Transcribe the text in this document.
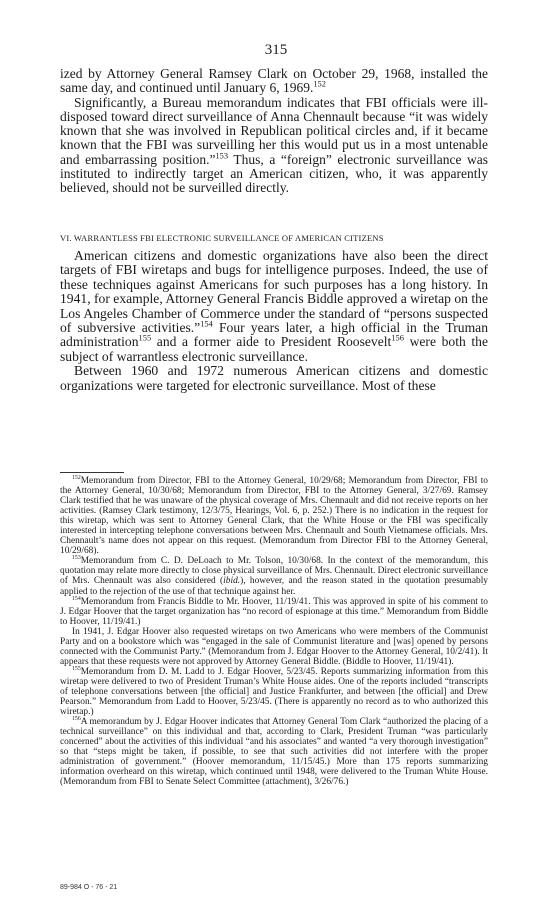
315

ized by Attorney General Ramsey Clark on October 29, 1968, installed the same day, and continued until January 6, 1969.$^{152}$

Significantly, a Bureau memorandum indicates that FBI officials were ill-disposed toward direct surveillance of Anna Chennault because “it was widely known that she was involved in Republican political circles and, if it became known that the FBI was surveilling her this would put us in a most untenable and embarrassing position.”$^{153}$ Thus, a “foreign” electronic surveillance was instituted to indirectly target an American citizen, who, it was apparently believed, should not be surveilled directly.

VI. WARRANTLESS FBI ELECTRONIC SURVEILLANCE OF AMERICAN CITIZENS

American citizens and domestic organizations have also been the direct targets of FBI wiretaps and bugs for intelligence purposes. Indeed, the use of these techniques against Americans for such purposes has a long history. In 1941, for example, Attorney General Francis Biddle approved a wiretap on the Los Angeles Chamber of Commerce under the standard of “persons suspected of subversive activities.”$^{154}$ Four years later, a high official in the Truman administration$^{155}$ and a former aide to President Roosevelt$^{156}$ were both the subject of warrantless electronic surveillance.

Between 1960 and 1972 numerous American citizens and domestic organizations were targeted for electronic surveillance. Most of these

$^{152}$Memorandum from Director, FBI to the Attorney General, 10/29/68; Memorandum from Director, FBI to the Attorney General, 10/30/68; Memorandum from Director, FBI to the Attorney General, 3/27/69. Ramsey Clark testified that he was unaware of the physical coverage of Mrs. Chennault and did not receive reports on her activities. (Ramsey Clark testimony, 12/3/75, Hearings, Vol. 6, p. 252.) There is no indication in the request for this wiretap, which was sent to Attorney General Clark, that the White House or the FBI was specifically interested in intercepting telephone conversations between Mrs. Chennault and South Vietnamese officials. Mrs. Chennault’s name does not appear on this request. (Memorandum from Director FBI to the Attorney General, 10/29/68).

$^{153}$Memorandum from C. D. DeLoach to Mr. Tolson, 10/30/68. In the context of the memorandum, this quotation may relate more directly to close physical surveillance of Mrs. Chennault. Direct electronic surveillance of Mrs. Chennault was also considered (ibid.), however, and the reason stated in the quotation presumably applied to the rejection of the use of that technique against her.

$^{154}$Memorandum from Francis Biddle to Mr. Hoover, 11/19/41. This was approved in spite of his comment to J. Edgar Hoover that the target organization has “no record of espionage at this time.” Memorandum from Biddle to Hoover, 11/19/41.)

In 1941, J. Edgar Hoover also requested wiretaps on two Americans who were members of the Communist Party and on a bookstore which was “engaged in the sale of Communist literature and [was] opened by persons connected with the Communist Party.” (Memorandum from J. Edgar Hoover to the Attorney General, 10/2/41). It appears that these requests were not approved by Attorney General Biddle. (Biddle to Hoover, 11/19/41).

$^{155}$Memorandum from D. M. Ladd to J. Edgar Hoover, 5/23/45. Reports summarizing information from this wiretap were delivered to two of President Truman’s White House aides. One of the reports included “transcripts of telephone conversations between [the official] and Justice Frankfurter, and between [the official] and Drew Pearson.” Memorandum from Ladd to Hoover, 5/23/45. (There is apparently no record as to who authorized this wiretap.)

$^{156}$A memorandum by J. Edgar Hoover indicates that Attorney General Tom Clark “authorized the placing of a technical surveillance” on this individual and that, according to Clark, President Truman “was particularly concerned” about the activities of this individual “and his associates” and wanted “a very thorough investigation” so that “steps might be taken, if possible, to see that such activities did not interfere with the proper administration of government.” (Hoover memorandum, 11/15/45.) More than 175 reports summarizing information overheard on this wiretap, which continued until 1948, were delivered to the Truman White House. (Memorandum from FBI to Senate Select Committee (attachment), 3/26/76.)

89-984 O - 76 - 21
